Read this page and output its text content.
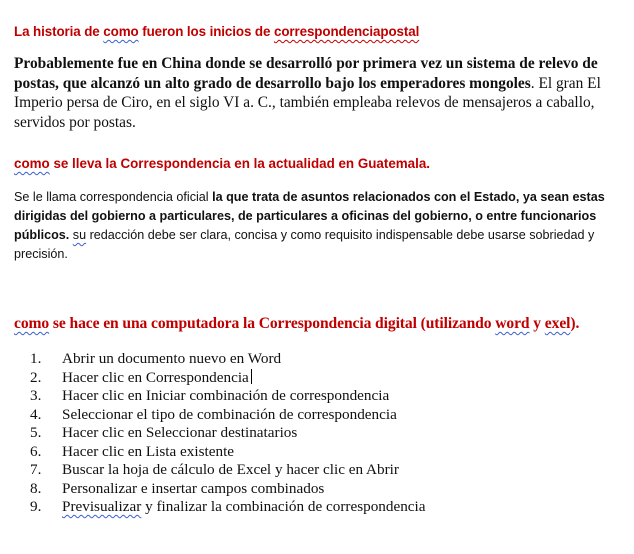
La historia de como fueron los inicios de correspondenciapostal
Probablemente fue en China donde se desarrolló por primera vez un sistema de relevo de postas, que alcanzó un alto grado de desarrollo bajo los emperadores mongoles. El gran El Imperio persa de Ciro, en el siglo VI a. C., también empleaba relevos de mensajeros a caballo, servidos por postas.
como se lleva la Correspondencia en la actualidad en Guatemala.
Se le llama correspondencia oficial la que trata de asuntos relacionados con el Estado, ya sean estas dirigidas del gobierno a particulares, de particulares a oficinas del gobierno, o entre funcionarios públicos. su redacción debe ser clara, concisa y como requisito indispensable debe usarse sobriedad y precisión.
como se hace en una computadora la Correspondencia digital (utilizando word y exel).
1. Abrir un documento nuevo en Word
2. Hacer clic en Correspondencia
3. Hacer clic en Iniciar combinación de correspondencia
4. Seleccionar el tipo de combinación de correspondencia
5. Hacer clic en Seleccionar destinatarios
6. Hacer clic en Lista existente
7. Buscar la hoja de cálculo de Excel y hacer clic en Abrir
8. Personalizar e insertar campos combinados
9. Previsualizar y finalizar la combinación de correspondencia
